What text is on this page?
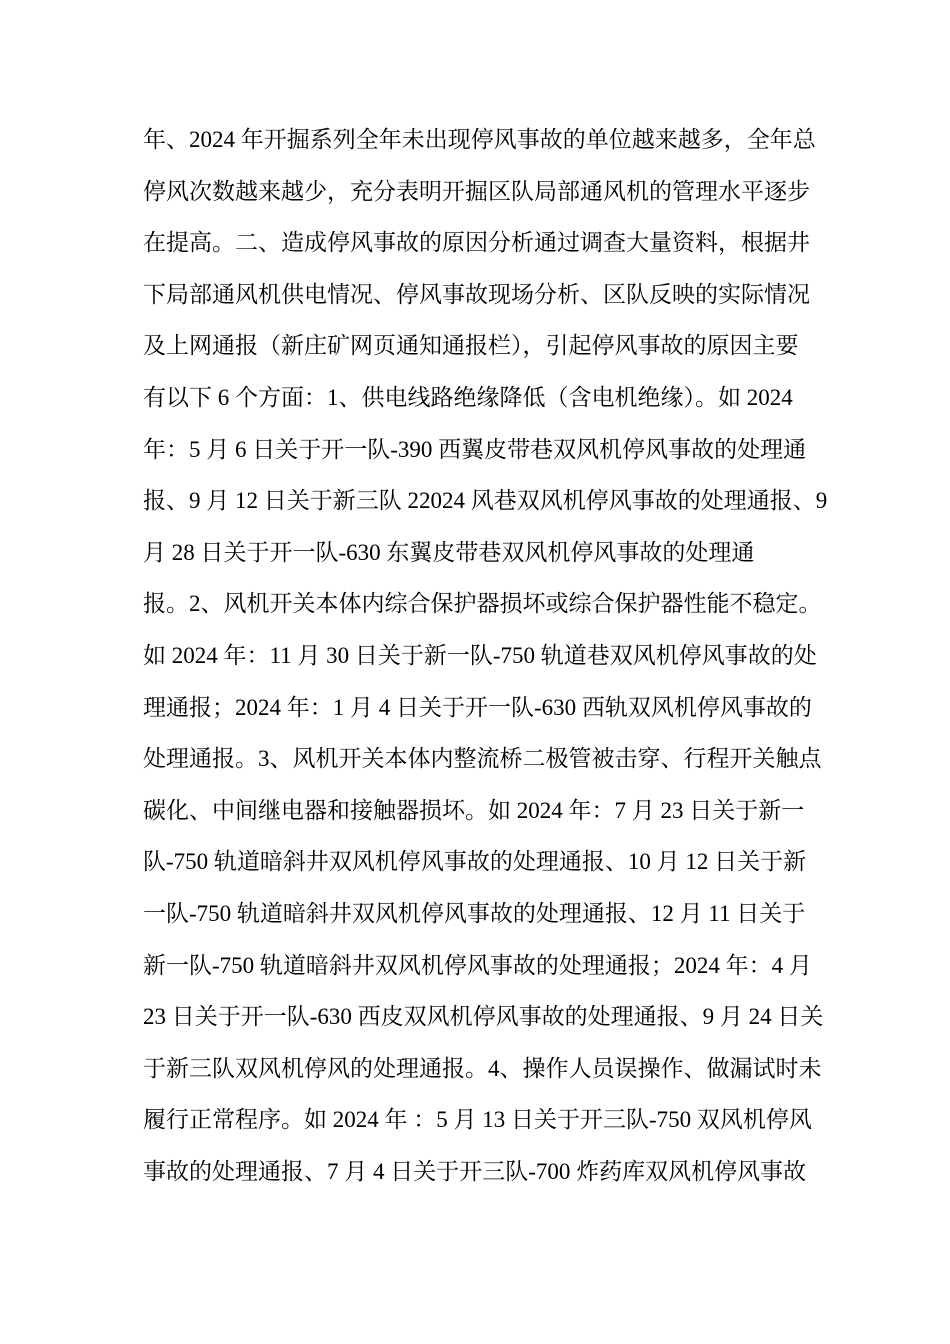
年、2024 年开掘系列全年未出现停风事故的单位越来越多，全年总
停风次数越来越少，充分表明开掘区队局部通风机的管理水平逐步
在提高。二、造成停风事故的原因分析通过调查大量资料，根据井
下局部通风机供电情况、停风事故现场分析、区队反映的实际情况
及上网通报（新庄矿网页通知通报栏），引起停风事故的原因主要
有以下 6 个方面：1、供电线路绝缘降低（含电机绝缘）。如 2024
年：5 月 6 日关于开一队-390 西翼皮带巷双风机停风事故的处理通
报、9 月 12 日关于新三队 22024 风巷双风机停风事故的处理通报、9
月 28 日关于开一队-630 东翼皮带巷双风机停风事故的处理通
报。2、风机开关本体内综合保护器损坏或综合保护器性能不稳定。
如 2024 年：11 月 30 日关于新一队-750 轨道巷双风机停风事故的处
理通报；2024 年：1 月 4 日关于开一队-630 西轨双风机停风事故的
处理通报。3、风机开关本体内整流桥二极管被击穿、行程开关触点
碳化、中间继电器和接触器损坏。如 2024 年：7 月 23 日关于新一
队-750 轨道暗斜井双风机停风事故的处理通报、10 月 12 日关于新
一队-750 轨道暗斜井双风机停风事故的处理通报、12 月 11 日关于
新一队-750 轨道暗斜井双风机停风事故的处理通报；2024 年：4 月
23 日关于开一队-630 西皮双风机停风事故的处理通报、9 月 24 日关
于新三队双风机停风的处理通报。4、操作人员误操作、做漏试时未
履行正常程序。如 2024 年 ：5 月 13 日关于开三队-750 双风机停风
事故的处理通报、7 月 4 日关于开三队-700 炸药库双风机停风事故
